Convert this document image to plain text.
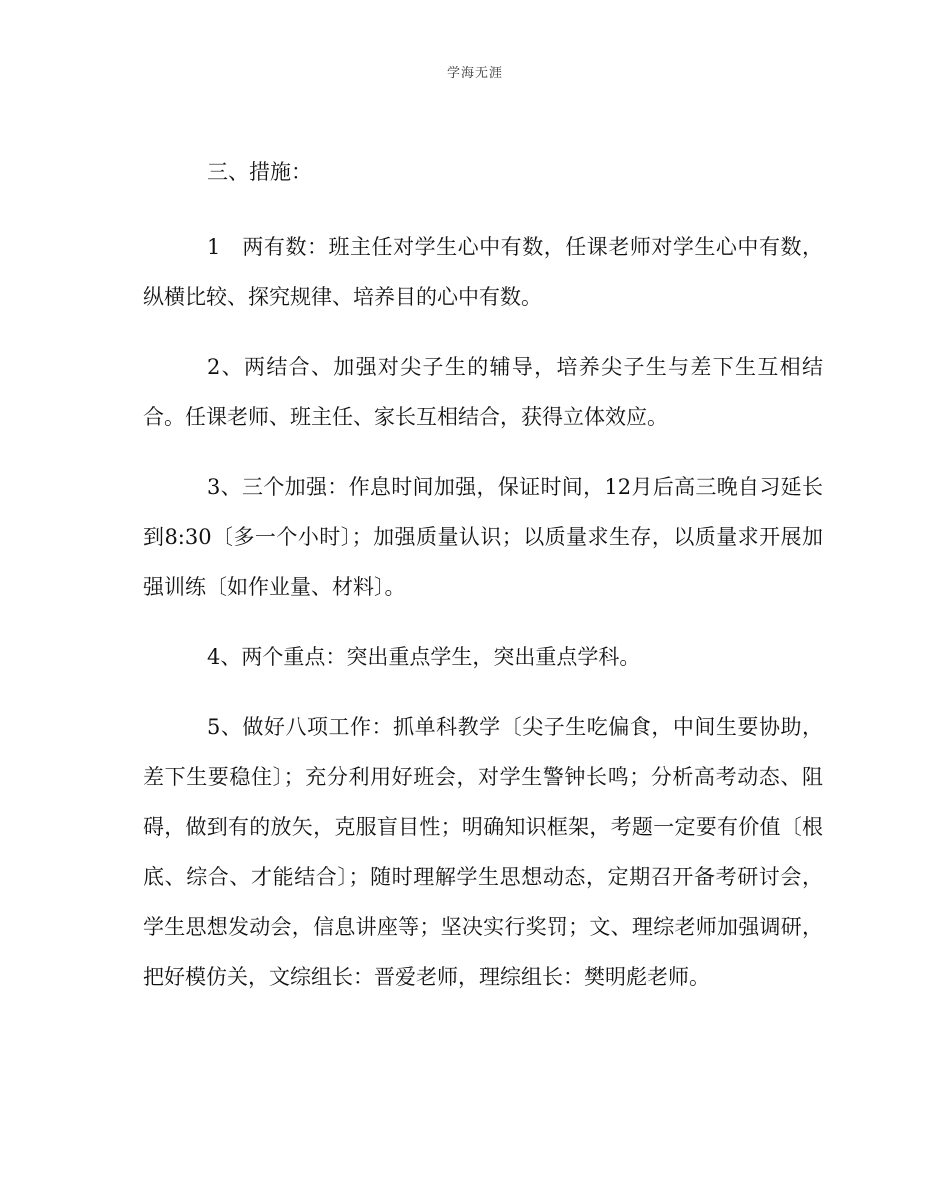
学海无涯
三、措施：

1　两有数：班主任对学生心中有数，任课老师对学生心中有数，纵横比较、探究规律、培养目的心中有数。

2、两结合、加强对尖子生的辅导，培养尖子生与差下生互相结合。任课老师、班主任、家长互相结合，获得立体效应。

3、三个加强：作息时间加强，保证时间，12月后高三晚自习延长到8:30〔多一个小时〕；加强质量认识；以质量求生存，以质量求开展加强训练〔如作业量、材料〕。

4、两个重点：突出重点学生，突出重点学科。

5、做好八项工作：抓单科教学〔尖子生吃偏食，中间生要协助，差下生要稳住〕；充分利用好班会，对学生警钟长鸣；分析高考动态、阻碍，做到有的放矢，克服盲目性；明确知识框架，考题一定要有价值〔根底、综合、才能结合〕；随时理解学生思想动态，定期召开备考研讨会，学生思想发动会，信息讲座等；坚决实行奖罚；文、理综老师加强调研，把好模仿关，文综组长：晋爱老师，理综组长：樊明彪老师。
